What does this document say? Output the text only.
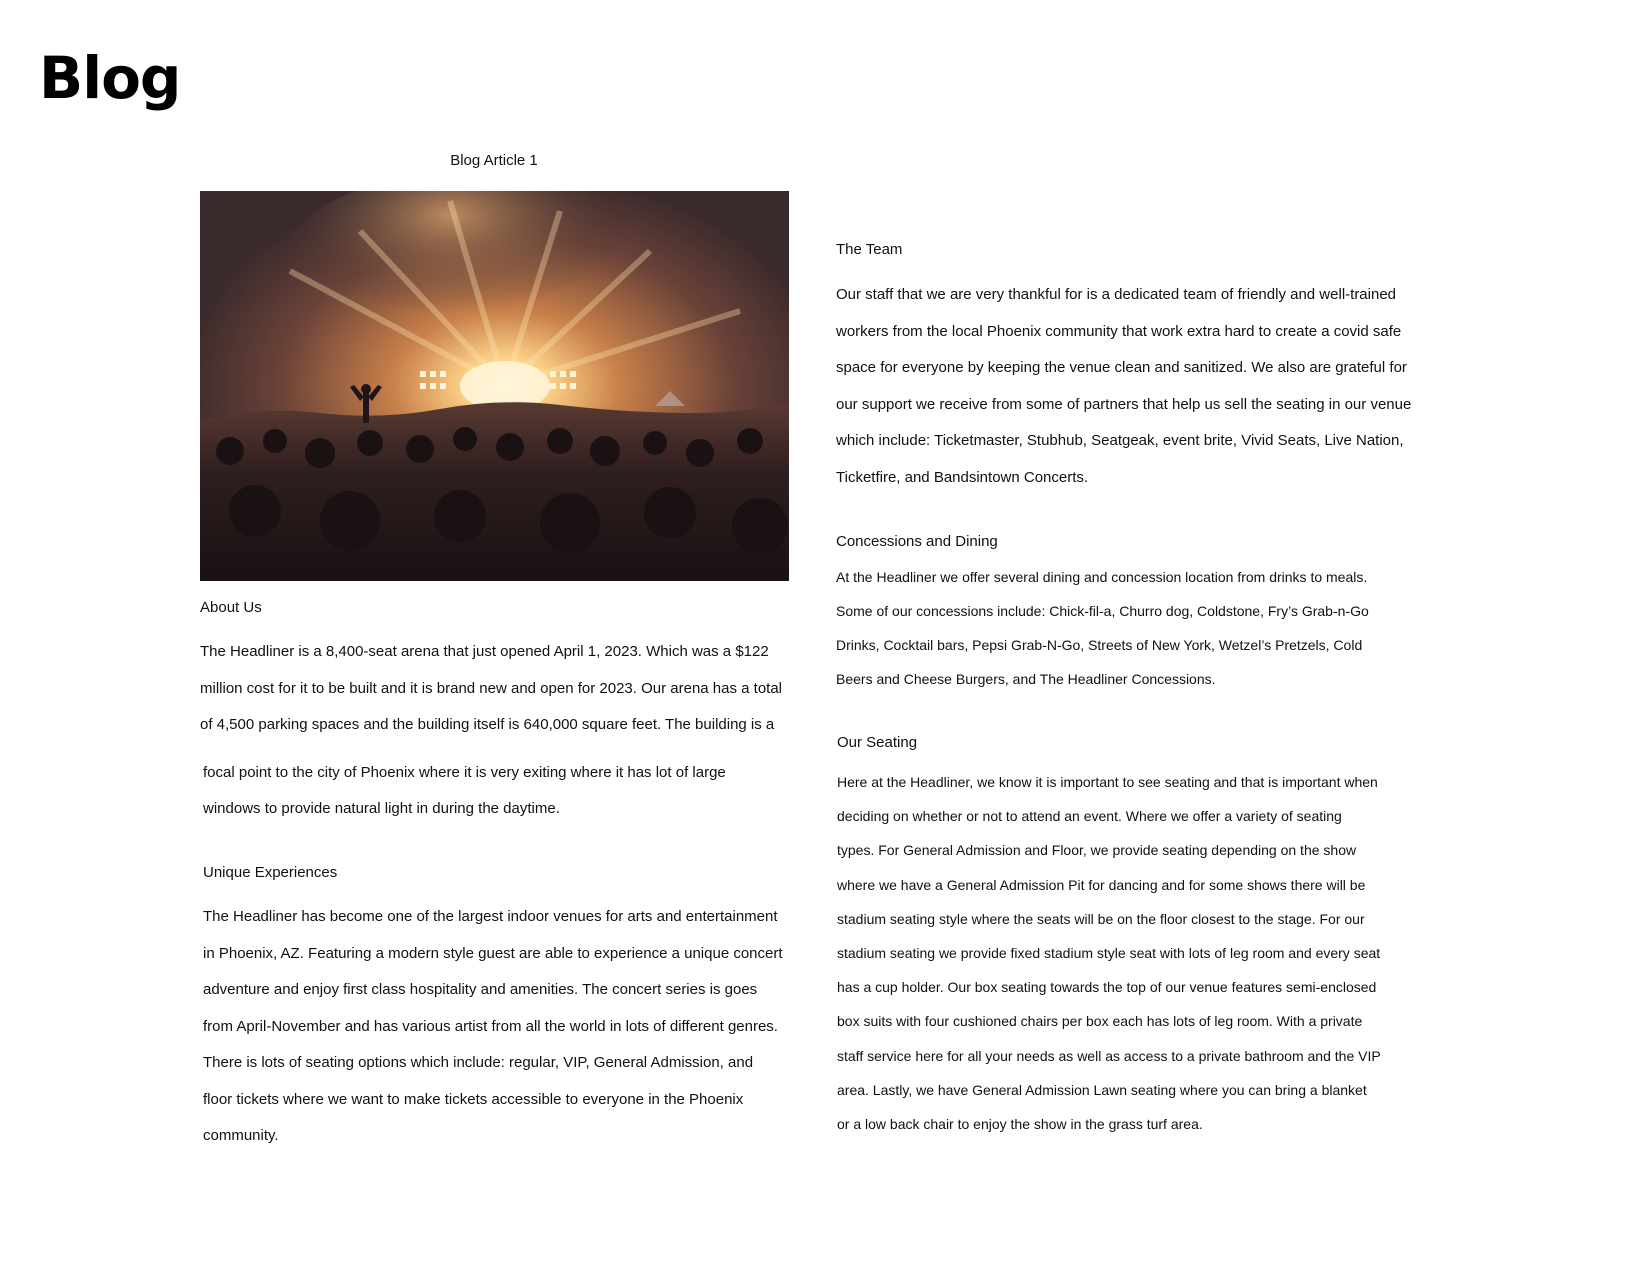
Blog
Blog Article 1
About Us

The Headliner is a 8,400-seat arena that just opened April 1, 2023. Which was a $122
million cost for it to be built and it is brand new and open for 2023. Our arena has a total
of 4,500 parking spaces and the building itself is 640,000 square feet. The building is a

focal point to the city of Phoenix where it is very exiting where it has lot of large
windows to provide natural light in during the daytime.

Unique Experiences

The Headliner has become one of the largest indoor venues for arts and entertainment
in Phoenix, AZ. Featuring a modern style guest are able to experience a unique concert
adventure and enjoy first class hospitality and amenities. The concert series is goes
from April-November and has various artist from all the world in lots of different genres.
There is lots of seating options which include: regular, VIP, General Admission, and
floor tickets where we want to make tickets accessible to everyone in the Phoenix
community.

The Team

Our staff that we are very thankful for is a dedicated team of friendly and well-trained
workers from the local Phoenix community that work extra hard to create a covid safe
space for everyone by keeping the venue clean and sanitized. We also are grateful for
our support we receive from some of partners that help us sell the seating in our venue
which include: Ticketmaster, Stubhub, Seatgeak, event brite, Vivid Seats, Live Nation,
Ticketfire, and Bandsintown Concerts.

Concessions and Dining

At the Headliner we offer several dining and concession location from drinks to meals.
Some of our concessions include: Chick-fil-a, Churro dog, Coldstone, Fry’s Grab-n-Go
Drinks, Cocktail bars, Pepsi Grab-N-Go, Streets of New York, Wetzel’s Pretzels, Cold
Beers and Cheese Burgers, and The Headliner Concessions.

Our Seating

Here at the Headliner, we know it is important to see seating and that is important when
deciding on whether or not to attend an event. Where we offer a variety of seating
types. For General Admission and Floor, we provide seating depending on the show
where we have a General Admission Pit for dancing and for some shows there will be
stadium seating style where the seats will be on the floor closest to the stage. For our
stadium seating we provide fixed stadium style seat with lots of leg room and every seat
has a cup holder. Our box seating towards the top of our venue features semi-enclosed
box suits with four cushioned chairs per box each has lots of leg room. With a private
staff service here for all your needs as well as access to a private bathroom and the VIP
area. Lastly, we have General Admission Lawn seating where you can bring a blanket
or a low back chair to enjoy the show in the grass turf area.
